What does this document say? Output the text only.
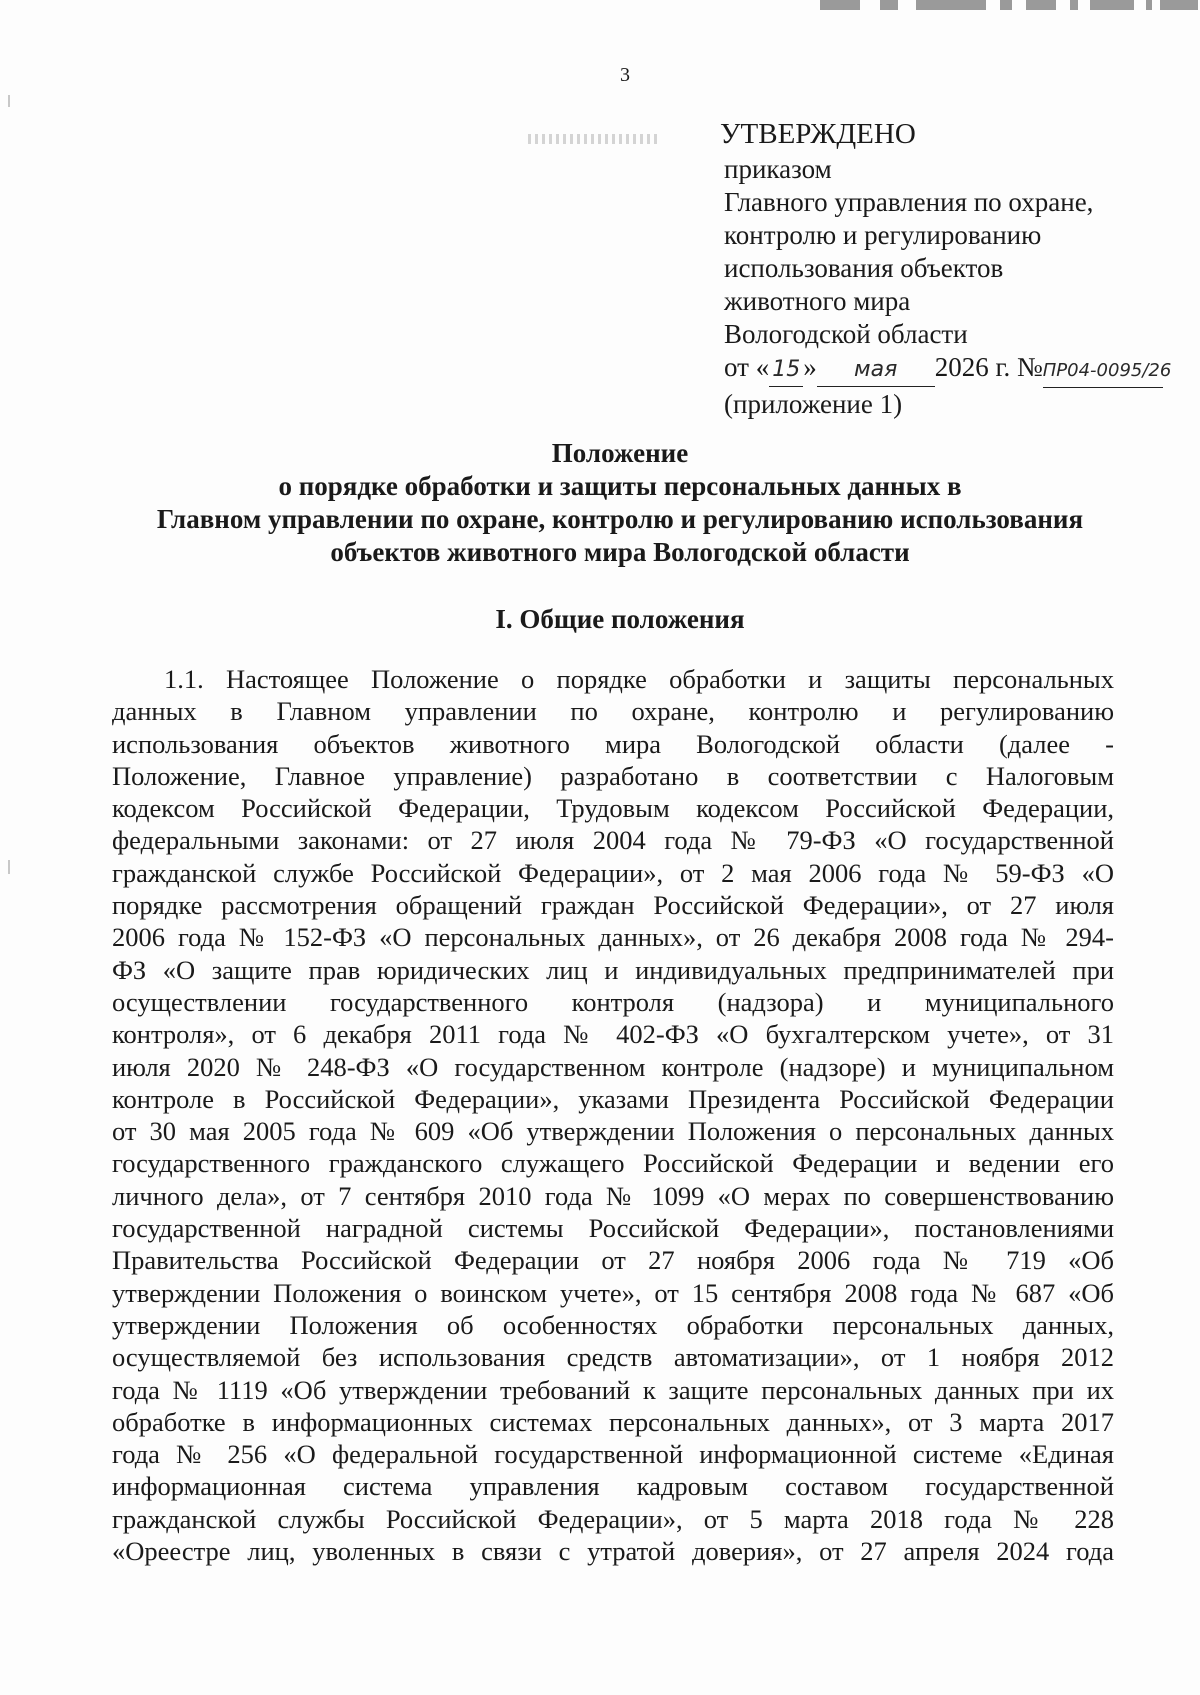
3
УТВЕРЖДЕНО
приказом
Главного управления по охране,
контролю и регулированию
использования объектов
животного мира
Вологодской области
от « 15 » мая 2026 г. №ПР04-0095/26
(приложение 1)
Положение
о порядке обработки и защиты персональных данных в
Главном управлении по охране, контролю и регулированию использования
объектов животного мира Вологодской области
I. Общие положения
1.1. Настоящее Положение о порядке обработки и защиты персональных
данных в Главном управлении по охране, контролю и регулированию
использования объектов животного мира Вологодской области (далее -
Положение, Главное управление) разработано в соответствии с Налоговым
кодексом Российской Федерации, Трудовым кодексом Российской Федерации,
федеральными законами: от 27 июля 2004 года № 79-ФЗ «О государственной
гражданской службе Российской Федерации», от 2 мая 2006 года № 59-ФЗ «О
порядке рассмотрения обращений граждан Российской Федерации», от 27 июля
2006 года № 152-ФЗ «О персональных данных», от 26 декабря 2008 года № 294-
ФЗ «О защите прав юридических лиц и индивидуальных предпринимателей при
осуществлении государственного контроля (надзора) и муниципального
контроля», от 6 декабря 2011 года № 402-ФЗ «О бухгалтерском учете», от 31
июля 2020 № 248-ФЗ «О государственном контроле (надзоре) и муниципальном
контроле в Российской Федерации», указами Президента Российской Федерации
от 30 мая 2005 года № 609 «Об утверждении Положения о персональных данных
государственного гражданского служащего Российской Федерации и ведении его
личного дела», от 7 сентября 2010 года № 1099 «О мерах по совершенствованию
государственной наградной системы Российской Федерации», постановлениями
Правительства Российской Федерации от 27 ноября 2006 года № 719 «Об
утверждении Положения о воинском учете», от 15 сентября 2008 года № 687 «Об
утверждении Положения об особенностях обработки персональных данных,
осуществляемой без использования средств автоматизации», от 1 ноября 2012
года № 1119 «Об утверждении требований к защите персональных данных при их
обработке в информационных системах персональных данных», от 3 марта 2017
года № 256 «О федеральной государственной информационной системе «Единая
информационная система управления кадровым составом государственной
гражданской службы Российской Федерации», от 5 марта 2018 года № 228
«Ореестре лиц, уволенных в связи с утратой доверия», от 27 апреля 2024 года
